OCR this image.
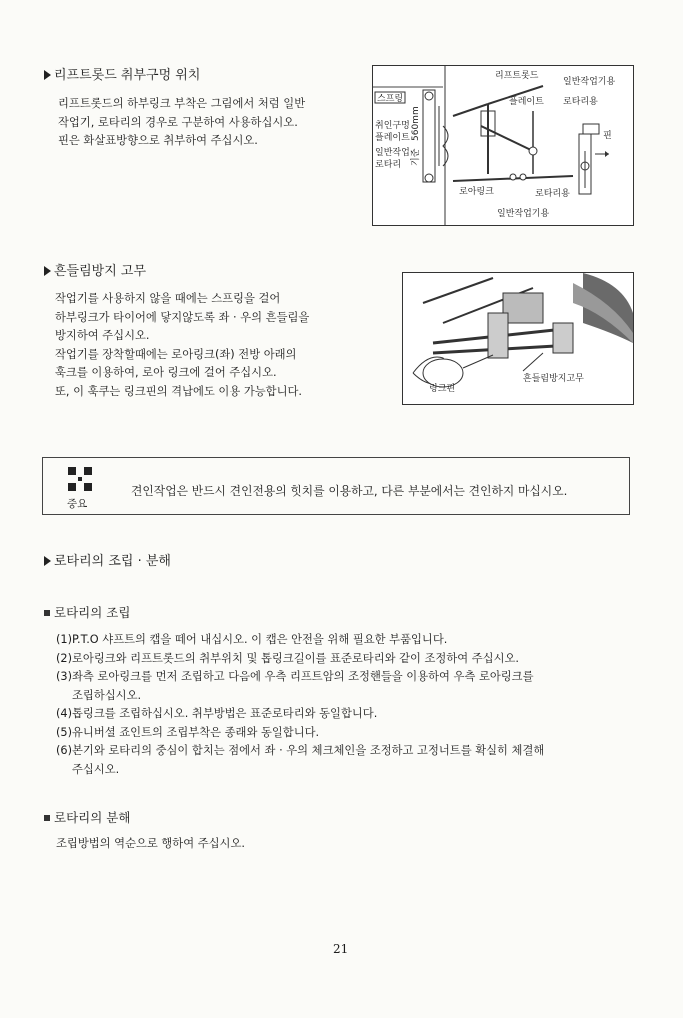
리프트롯드 취부구멍 위치
리프트롯드의 하부링크 부착은 그림에서 처럼 일반
작업기, 로타리의 경우로 구분하여 사용하십시오.
핀은 화살표방향으로 취부하여 주십시오.
스프링
취인구멍
플레이트
일반작업
로타리
560mm
기준
리프트롯드
일반작업기용
플레이트 로타리용
로아링크	로타리용
일반작업기용
핀
흔들림방지 고무
작업기를 사용하지 않을 때에는 스프링을 걸어
하부링크가 타이어에 닿지않도록 좌 · 우의 흔들림을
방지하여 주십시오.
작업기를 장착할때에는 로아링크(좌) 전방 아래의
훅크를 이용하여, 로아 링크에 걸어 주십시오.
또, 이 훅쿠는 링크핀의 격납에도 이용 가능합니다.	링크핀
흔들림방지고무
중요
견인작업은 반드시 견인전용의 힛치를 이용하고, 다른 부분에서는 견인하지 마십시오.
로타리의 조립 · 분해
로타리의 조립
(1)P.T.O 샤프트의 캡을 떼어 내십시오. 이 캡은 안전을 위해 필요한 부품입니다.
(2)로아링크와 리프트롯드의 취부위치 및 톱링크길이를 표준로타리와 같이 조정하여 주십시오.
(3)좌측 로아링크를 먼저 조립하고 다음에 우측 리프트암의 조정핸들을 이용하여 우측 로아링크를
조립하십시오.
(4)톱링크를 조립하십시오. 취부방법은 표준로타리와 동일합니다.
(5)유니버셜 죠인트의 조립부착은 종래와 동일합니다.
(6)본기와 로타리의 중심이 합치는 점에서 좌 · 우의 체크체인을 조정하고 고정너트를 확실히 체결해
주십시오.
로타리의 분해
조립방법의 역순으로 행하여 주십시오.
21
